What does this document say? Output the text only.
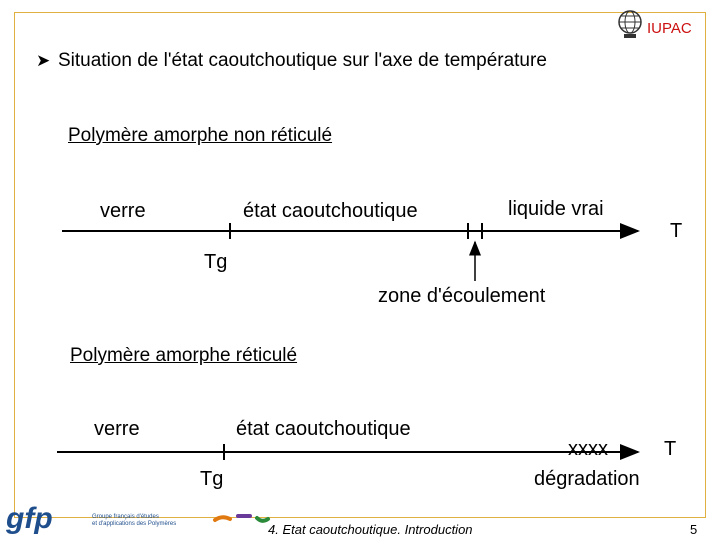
IUPAC
➤ Situation de l'état caoutchoutique sur l'axe de température
Polymère amorphe non réticulé
verre	état caoutchoutique	liquide vrai
T
Tg
zone d'écoulement
Polymère amorphe réticulé
verre	état caoutchoutique
xxxx	T
Tg	dégradation
gfp	Groupe français d'études
et d'applications des Polymères	4. Etat caoutchoutique. Introduction	5
